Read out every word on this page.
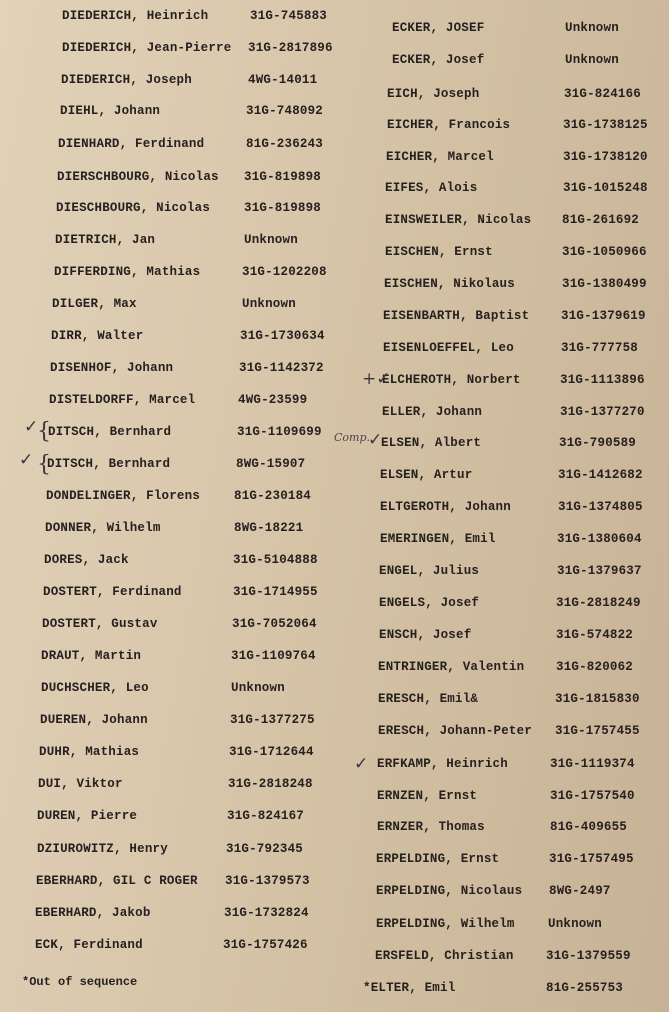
DIEDERICH, Heinrich	31G-745883
DIEDERICH, Jean-Pierre 31G-2817896
DIEDERICH, Joseph	4WG-14011
DIEHL, Johann	31G-748092
DIENHARD, Ferdinand	81G-236243
DIERSCHBOURG, Nicolas 31G-819898
DIESCHBOURG, Nicolas	31G-819898
DIETRICH, Jan	Unknown
DIFFERDING, Mathias	31G-1202208
DILGER, Max	Unknown
DIRR, Walter	31G-1730634
DISENHOF, Johann	31G-1142372
DISTELDORFF, Marcel	4WG-23599
DITSCH, Bernhard	31G-1109699
DITSCH, Bernhard	8WG-15907
DONDELINGER, Florens	81G-230184
DONNER, Wilhelm	8WG-18221
DORES, Jack	31G-5104888
DOSTERT, Ferdinand	31G-1714955
DOSTERT, Gustav	31G-7052064
DRAUT, Martin	31G-1109764
DUCHSCHER, Leo	Unknown
DUEREN, Johann	31G-1377275
DUHR, Mathias	31G-1712644
DUI, Viktor	31G-2818248
DUREN, Pierre	31G-824167
DZIUROWITZ, Henry	31G-792345
EBERHARD, GIL C ROGER 31G-1379573
EBERHARD, Jakob	31G-1732824
ECK, Ferdinand	31G-1757426
ECKER, JOSEF	Unknown
ECKER, Josef	Unknown
EICH, Joseph	31G-824166
EICHER, Francois	31G-1738125
EICHER, Marcel	31G-1738120
EIFES, Alois	31G-1015248
EINSWEILER, Nicolas 81G-261692
EISCHEN, Ernst	31G-1050966
EISCHEN, Nikolaus	31G-1380499
EISENBARTH, Baptist	31G-1379619
EISENLOEFFEL, Leo	31G-777758
ELCHEROTH, Norbert	31G-1113896
ELLER, Johann	31G-1377270
ELSEN, Albert	31G-790589
ELSEN, Artur	31G-1412682
ELTGEROTH, Johann	31G-1374805
EMERINGEN, Emil	31G-1380604
ENGEL, Julius	31G-1379637
ENGELS, Josef	31G-2818249
ENSCH, Josef	31G-574822
ENTRINGER, Valentin	31G-820062
ERESCH, Emil&	31G-1815830
ERESCH, Johann-Peter 31G-1757455
ERFKAMP, Heinrich	31G-1119374
ERNZEN, Ernst	31G-1757540
ERNZER, Thomas	81G-409655
ERPELDING, Ernst	31G-1757495
ERPELDING, Nicolaus 8WG-2497
ERPELDING, Wilhelm	Unknown
ERSFELD, Christian	31G-1379559
*ELTER, Emil	81G-255753
*Out of sequence
✓
{
✓ {
Comp.
✓
+✓
✓
